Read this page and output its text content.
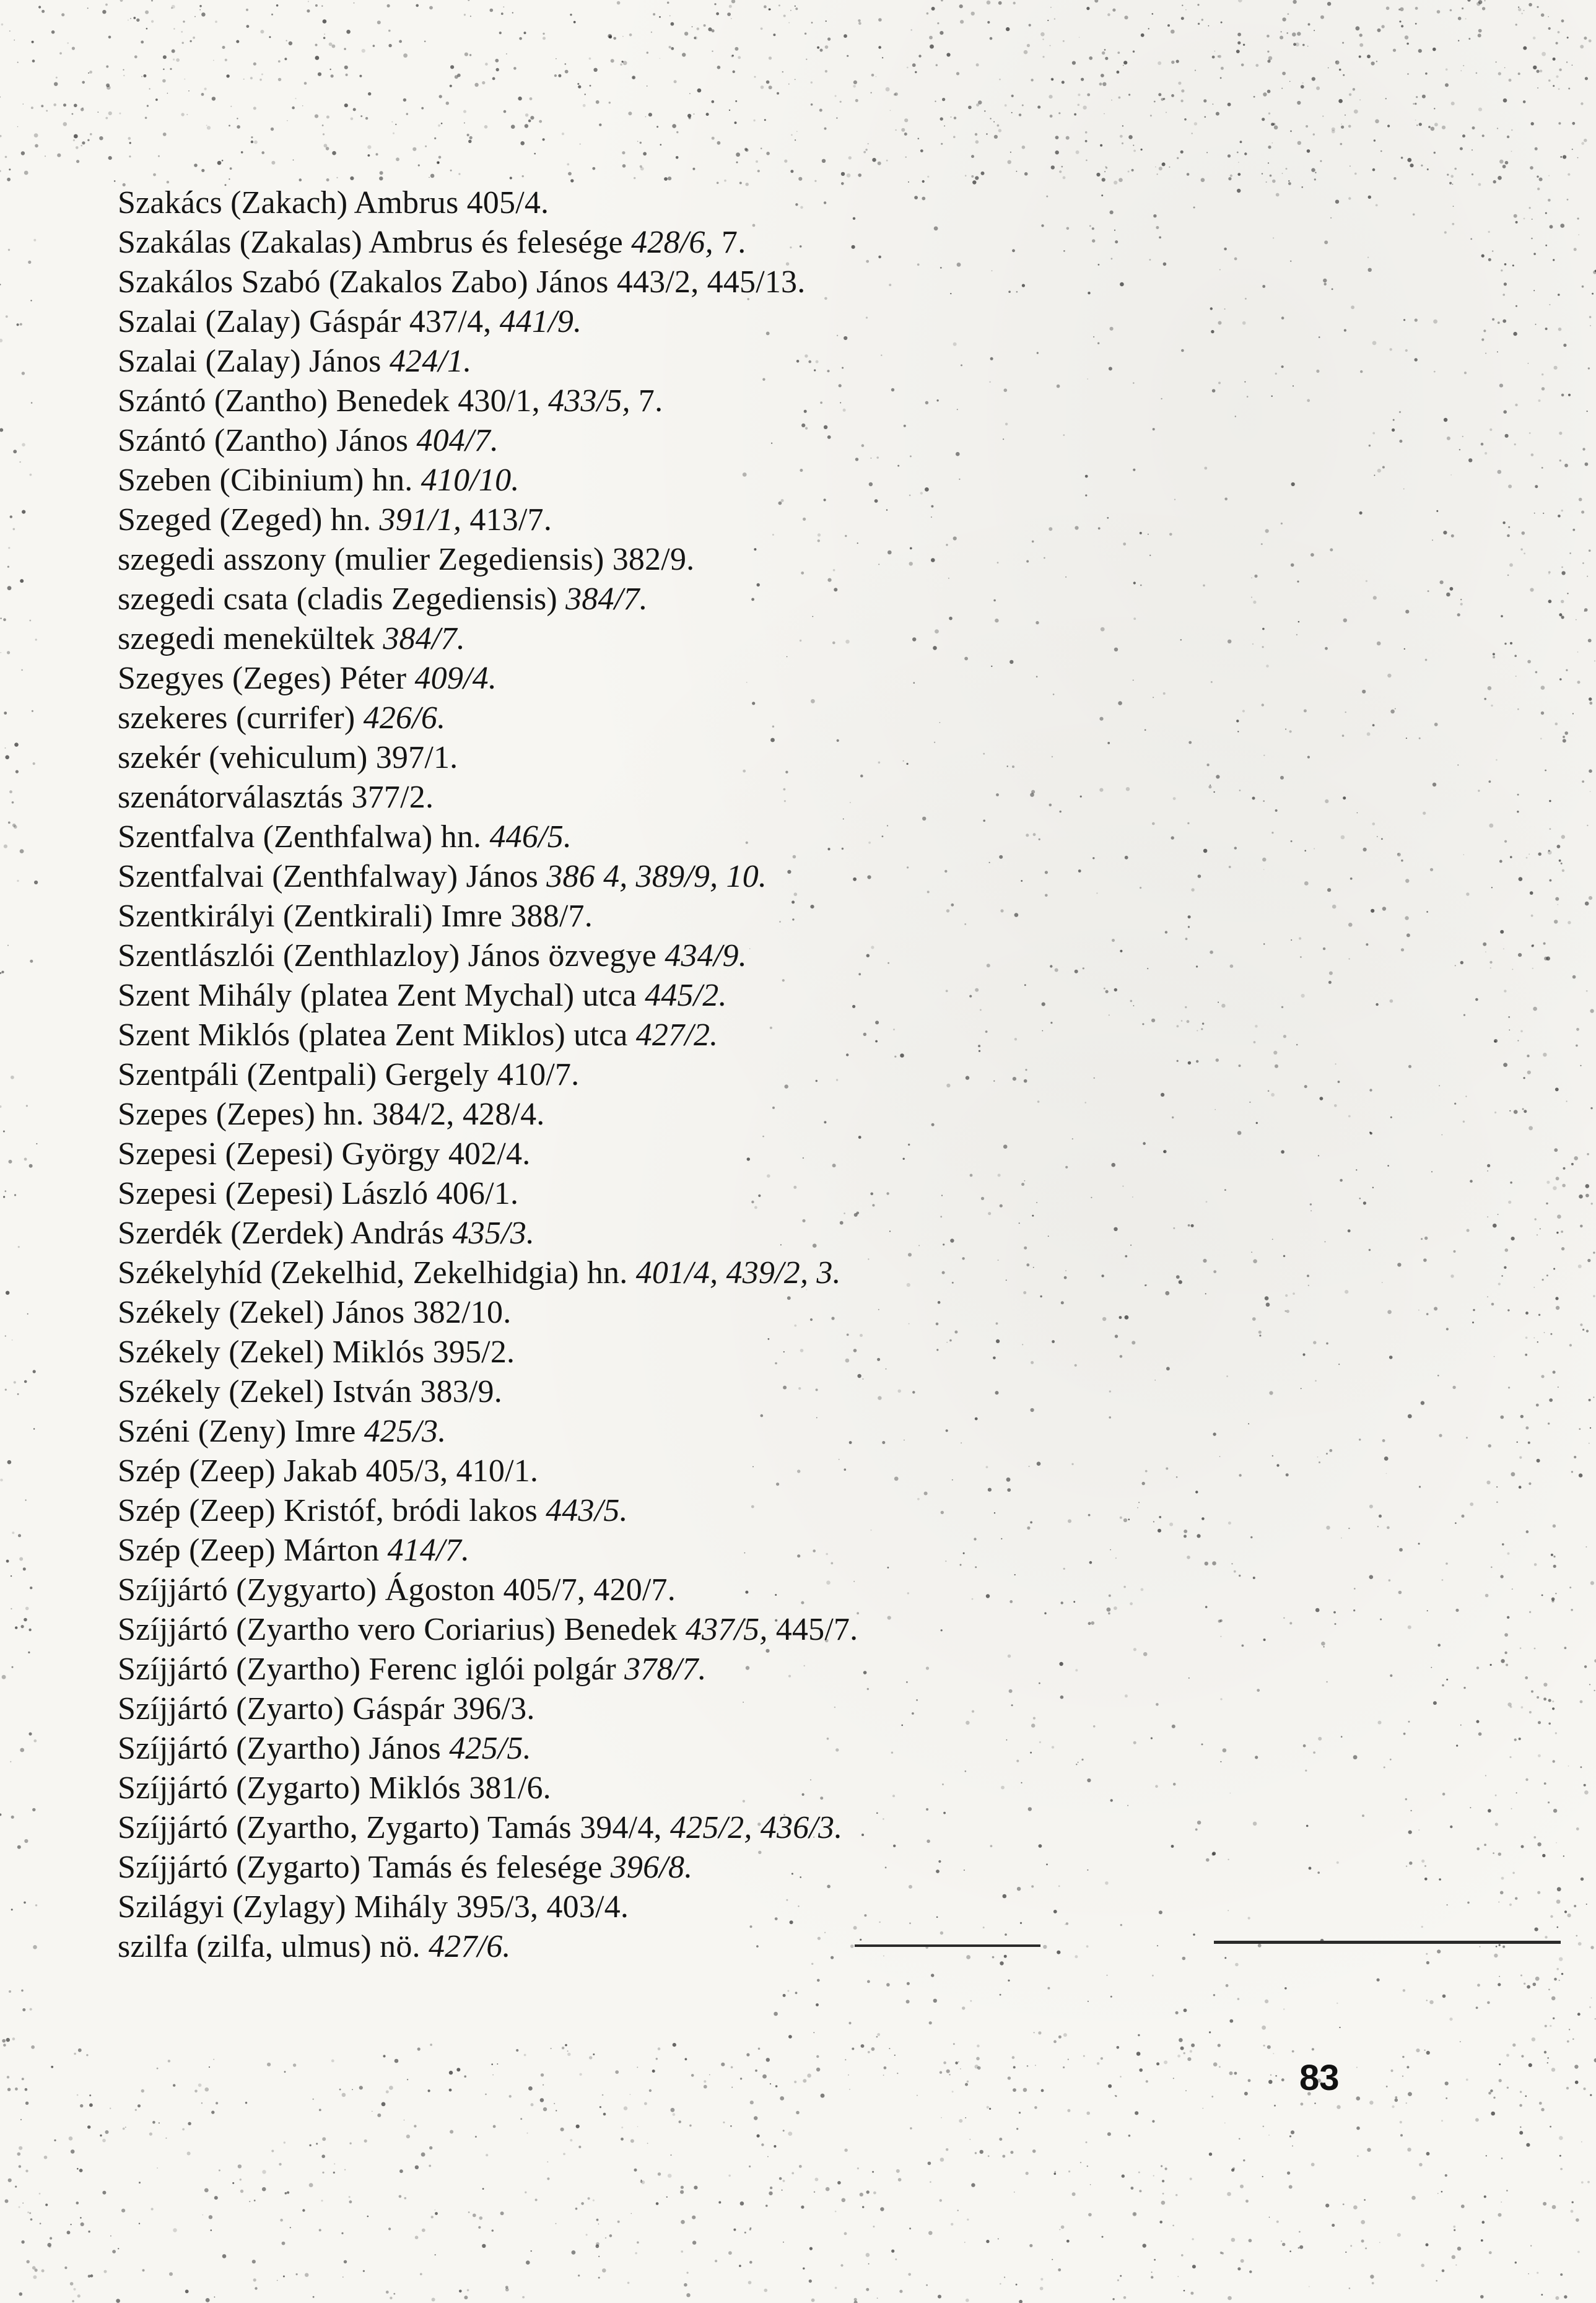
Szakács (Zakach) Ambrus 405/4.
Szakálas (Zakalas) Ambrus és felesége 428/6, 7.
Szakálos Szabó (Zakalos Zabo) János 443/2, 445/13.
Szalai (Zalay) Gáspár 437/4, 441/9.
Szalai (Zalay) János 424/1.
Szántó (Zantho) Benedek 430/1, 433/5, 7.
Szántó (Zantho) János 404/7.
Szeben (Cibinium) hn. 410/10.
Szeged (Zeged) hn. 391/1, 413/7.
szegedi asszony (mulier Zegediensis) 382/9.
szegedi csata (cladis Zegediensis) 384/7.
szegedi menekültek 384/7.
Szegyes (Zeges) Péter 409/4.
szekeres (currifer) 426/6.
szekér (vehiculum) 397/1.
szenátorválasztás 377/2.
Szentfalva (Zenthfalwa) hn. 446/5.
Szentfalvai (Zenthfalway) János 386 4, 389/9, 10.
Szentkirályi (Zentkirali) Imre 388/7.
Szentlászlói (Zenthlazloy) János özvegye 434/9.
Szent Mihály (platea Zent Mychal) utca 445/2.
Szent Miklós (platea Zent Miklos) utca 427/2.
Szentpáli (Zentpali) Gergely 410/7.
Szepes (Zepes) hn. 384/2, 428/4.
Szepesi (Zepesi) György 402/4.
Szepesi (Zepesi) László 406/1.
Szerdék (Zerdek) András 435/3.
Székelyhíd (Zekelhid, Zekelhidgia) hn. 401/4, 439/2, 3.
Székely (Zekel) János 382/10.
Székely (Zekel) Miklós 395/2.
Székely (Zekel) István 383/9.
Széni (Zeny) Imre 425/3.
Szép (Zeep) Jakab 405/3, 410/1.
Szép (Zeep) Kristóf, bródi lakos 443/5.
Szép (Zeep) Márton 414/7.
Szíjjártó (Zygyarto) Ágoston 405/7, 420/7.
Szíjjártó (Zyartho vero Coriarius) Benedek 437/5, 445/7.
Szíjjártó (Zyartho) Ferenc iglói polgár 378/7.
Szíjjártó (Zyarto) Gáspár 396/3.
Szíjjártó (Zyartho) János 425/5.
Szíjjártó (Zygarto) Miklós 381/6.
Szíjjártó (Zyartho, Zygarto) Tamás 394/4, 425/2, 436/3.
Szíjjártó (Zygarto) Tamás és felesége 396/8.
Szilágyi (Zylagy) Mihály 395/3, 403/4.
szilfa (zilfa, ulmus) nö. 427/6.
83
